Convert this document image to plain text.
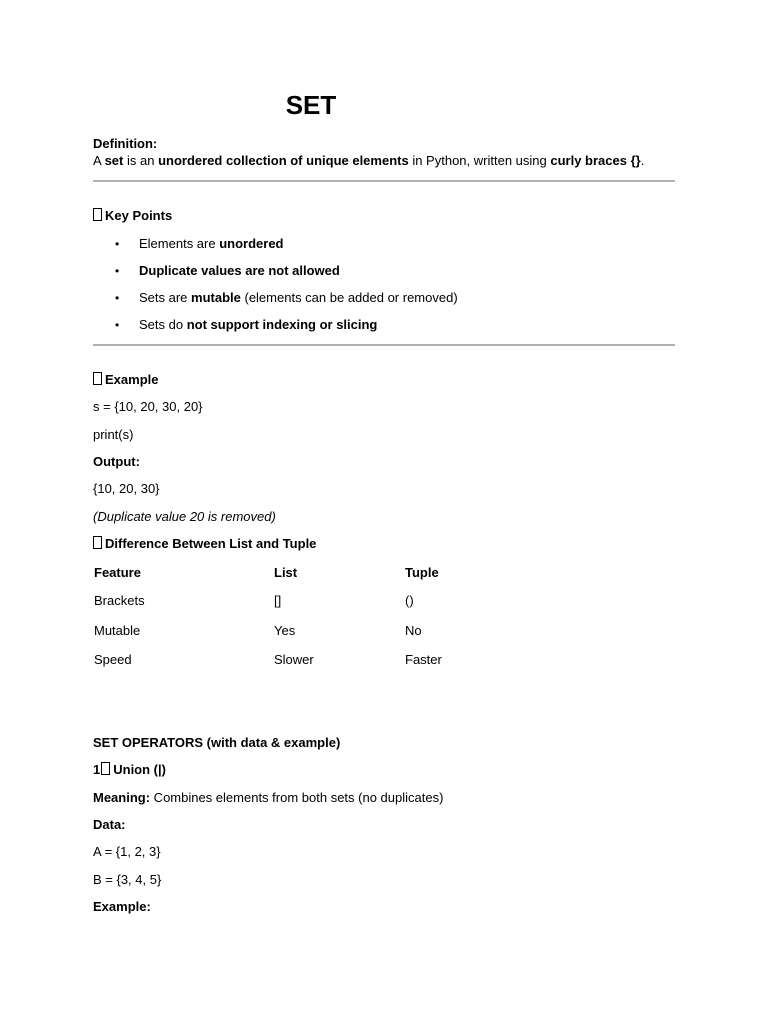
SET
Definition:
A set is an unordered collection of unique elements in Python, written using curly braces {}.
Key Points
• Elements are unordered
• Duplicate values are not allowed
• Sets are mutable (elements can be added or removed)
• Sets do not support indexing or slicing
Example
s = {10, 20, 30, 20}
print(s)
Output:
{10, 20, 30}
(Duplicate value 20 is removed)
Difference Between List and Tuple
Feature	List	Tuple
Brackets	[]	()
Mutable	Yes	No
Speed	Slower	Faster
SET OPERATORS (with data & example)
1 Union (|)
Meaning: Combines elements from both sets (no duplicates)
Data:
A = {1, 2, 3}
B = {3, 4, 5}
Example:
